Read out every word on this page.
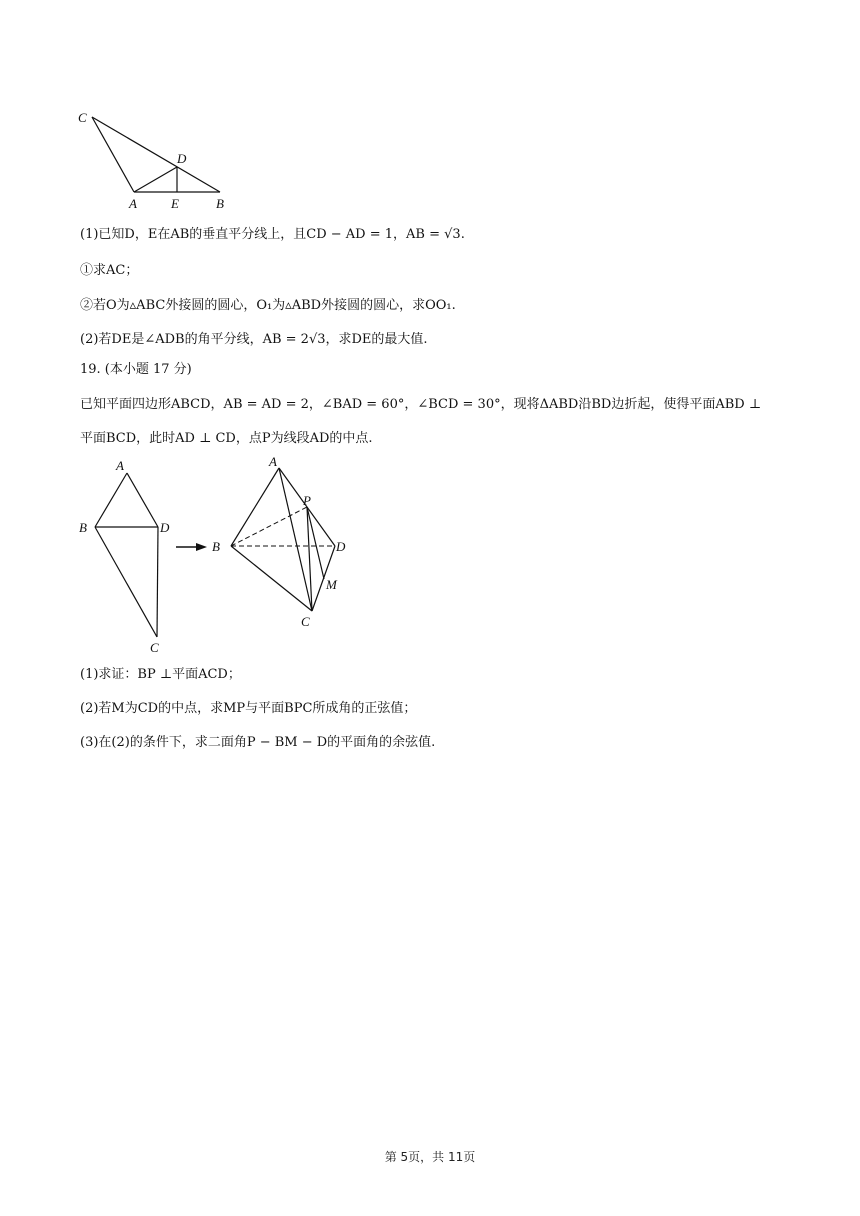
C
D
A	E	B
(1)已知D，E在AB的垂直平分线上，且CD − AD = 1，AB = √3.
①求AC；
②若O为▵ABC外接圆的圆心，O₁为▵ABD外接圆的圆心，求OO₁.
(2)若DE是∠ADB的角平分线，AB = 2√3，求DE的最大值.
19. (本小题 17 分)
已知平面四边形ABCD，AB = AD = 2，∠BAD = 60°，∠BCD = 30°，现将ΔABD沿BD边折起，使得平面ABD ⊥
平面BCD，此时AD ⊥ CD，点P为线段AD的中点.
A
B	D
C
A
P
B	D
M
C
(1)求证：BP ⊥平面ACD；
(2)若M为CD的中点，求MP与平面BPC所成角的正弦值；
(3)在(2)的条件下，求二面角P − BM − D的平面角的余弦值.
第 5页，共 11页
